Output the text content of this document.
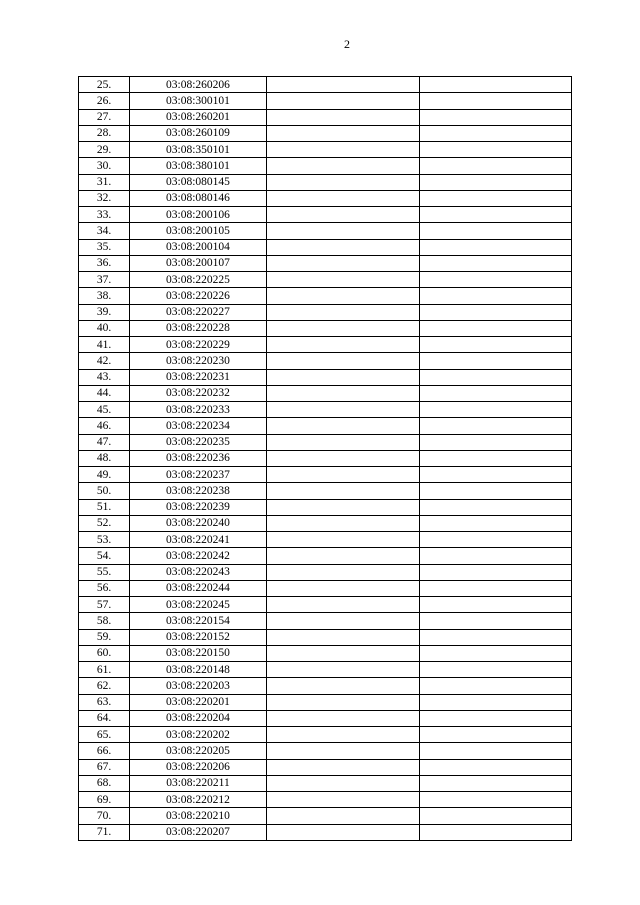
2
25.	03:08:260206		
26.	03:08:300101		
27.	03:08:260201		
28.	03:08:260109		
29.	03:08:350101		
30.	03:08:380101		
31.	03:08:080145		
32.	03:08:080146		
33.	03:08:200106		
34.	03:08:200105		
35.	03:08:200104		
36.	03:08:200107		
37.	03:08:220225		
38.	03:08:220226		
39.	03:08:220227		
40.	03:08:220228		
41.	03:08:220229		
42.	03:08:220230		
43.	03:08:220231		
44.	03:08:220232		
45.	03:08:220233		
46.	03:08:220234		
47.	03:08:220235		
48.	03:08:220236		
49.	03:08:220237		
50.	03:08:220238		
51.	03:08:220239		
52.	03:08:220240		
53.	03:08:220241		
54.	03:08:220242		
55.	03:08:220243		
56.	03:08:220244		
57.	03:08:220245		
58.	03:08:220154		
59.	03:08:220152		
60.	03:08:220150		
61.	03:08:220148		
62.	03:08:220203		
63.	03:08:220201		
64.	03:08:220204		
65.	03:08:220202		
66.	03:08:220205		
67.	03:08:220206		
68.	03:08:220211		
69.	03:08:220212		
70.	03:08:220210		
71.	03:08:220207		
